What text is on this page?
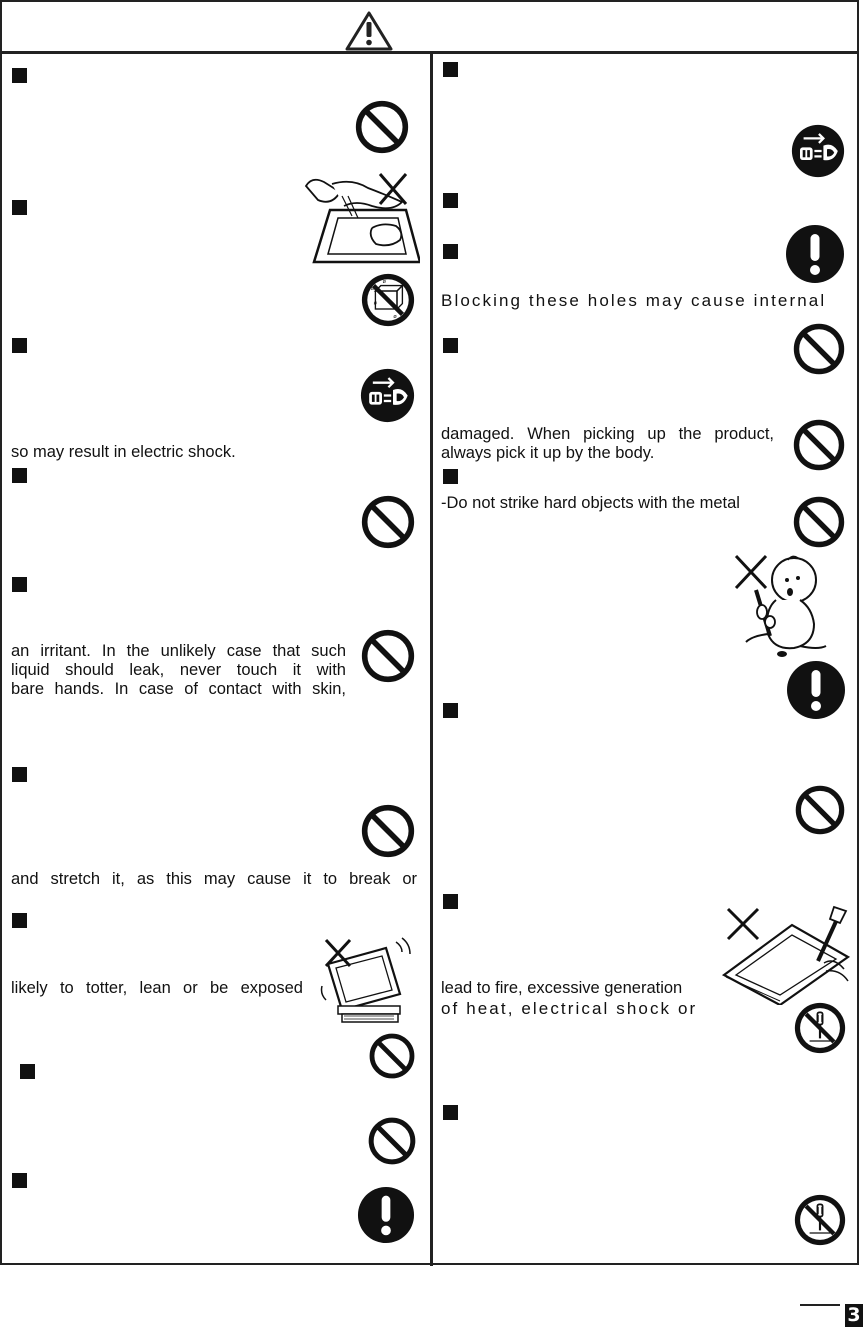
so may result in electric shock.
an irritant. In the unlikely case that such
liquid should leak, never touch it with
bare hands. In case of contact with skin,
and stretch it, as this may cause it to break or
likely to totter, lean or be exposed
Blocking these holes may cause internal
damaged. When picking up the product,
always pick it up by the body.
-Do not strike hard objects with the metal
lead to fire, excessive generation
of heat, electrical shock or
3
